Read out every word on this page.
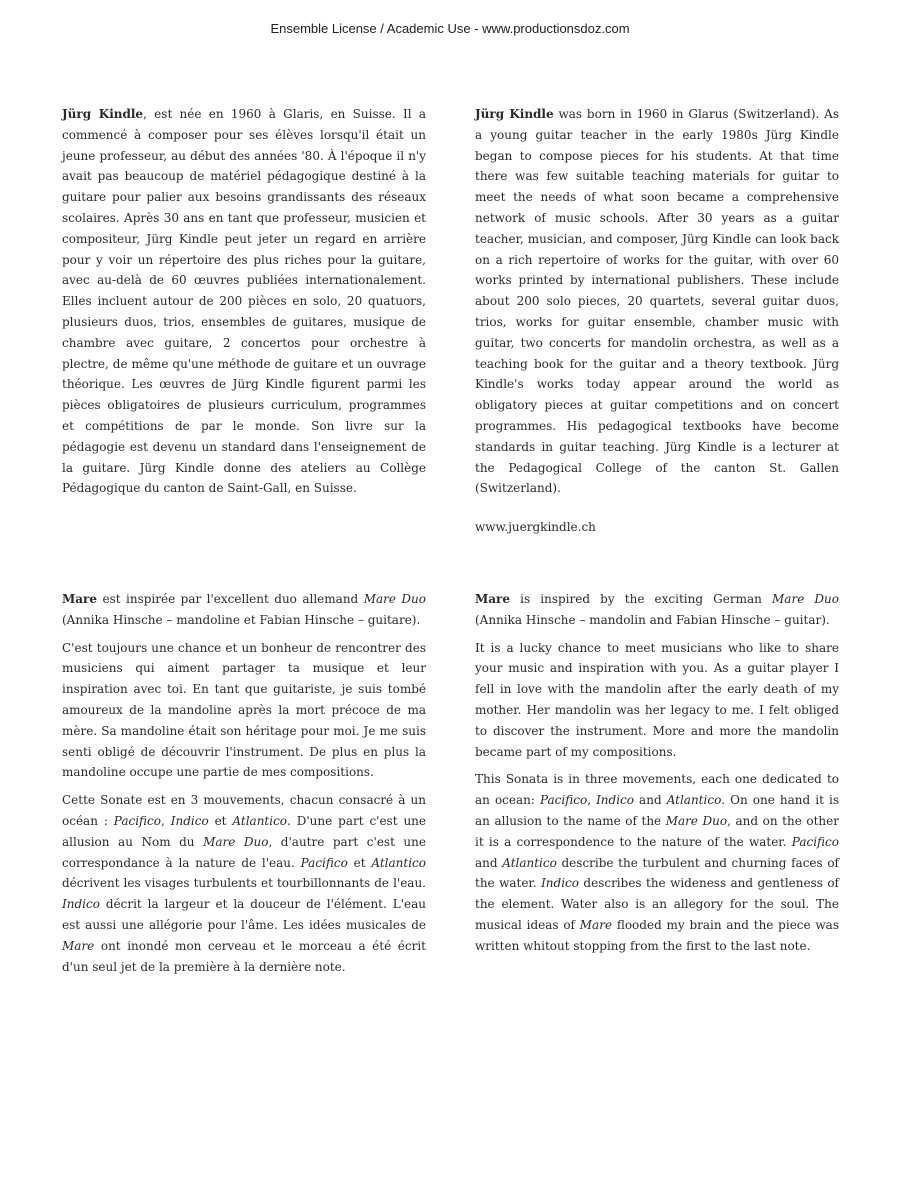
Ensemble License / Academic Use - www.productionsdoz.com

Jürg Kindle, est née en 1960 à Glaris, en Suisse. Il a commencé à composer pour ses élèves lorsqu'il était un jeune professeur, au début des années '80. À l'époque il n'y avait pas beaucoup de matériel pédagogique destiné à la guitare pour palier aux besoins grandissants des réseaux scolaires. Après 30 ans en tant que professeur, musicien et compositeur, Jürg Kindle peut jeter un regard en arrière pour y voir un répertoire des plus riches pour la guitare, avec au-delà de 60 œuvres publiées internationalement. Elles incluent autour de 200 pièces en solo, 20 quatuors, plusieurs duos, trios, ensembles de guitares, musique de chambre avec guitare, 2 concertos pour orchestre à plectre, de même qu'une méthode de guitare et un ouvrage théorique. Les œuvres de Jürg Kindle figurent parmi les pièces obligatoires de plusieurs curriculum, programmes et compétitions de par le monde. Son livre sur la pédagogie est devenu un standard dans l'enseignement de la guitare. Jürg Kindle donne des ateliers au Collège Pédagogique du canton de Saint-Gall, en Suisse.

Jürg Kindle was born in 1960 in Glarus (Switzerland). As a young guitar teacher in the early 1980s Jürg Kindle began to compose pieces for his students. At that time there was few suitable teaching materials for guitar to meet the needs of what soon became a comprehensive network of music schools. After 30 years as a guitar teacher, musician, and composer, Jürg Kindle can look back on a rich repertoire of works for the guitar, with over 60 works printed by international publishers. These include about 200 solo pieces, 20 quartets, several guitar duos, trios, works for guitar ensemble, chamber music with guitar, two concerts for mandolin orchestra, as well as a teaching book for the guitar and a theory textbook. Jürg Kindle's works today appear around the world as obligatory pieces at guitar competitions and on concert programmes. His pedagogical textbooks have become standards in guitar teaching. Jürg Kindle is a lecturer at the Pedagogical College of the canton St. Gallen (Switzerland).

www.juergkindle.ch

Mare est inspirée par l'excellent duo allemand Mare Duo (Annika Hinsche – mandoline et Fabian Hinsche – guitare).

C'est toujours une chance et un bonheur de rencontrer des musiciens qui aiment partager ta musique et leur inspiration avec toi. En tant que guitariste, je suis tombé amoureux de la mandoline après la mort précoce de ma mère. Sa mandoline était son héritage pour moi. Je me suis senti obligé de découvrir l'instrument. De plus en plus la mandoline occupe une partie de mes compositions.

Cette Sonate est en 3 mouvements, chacun consacré à un océan : Pacifico, Indico et Atlantico. D'une part c'est une allusion au Nom du Mare Duo, d'autre part c'est une correspondance à la nature de l'eau. Pacifico et Atlantico décrivent les visages turbulents et tourbillonnants de l'eau. Indico décrit la largeur et la douceur de l'élément. L'eau est aussi une allégorie pour l'âme. Les idées musicales de Mare ont inondé mon cerveau et le morceau a été écrit d'un seul jet de la première à la dernière note.

Mare is inspired by the exciting German Mare Duo (Annika Hinsche – mandolin and Fabian Hinsche – guitar).

It is a lucky chance to meet musicians who like to share your music and inspiration with you. As a guitar player I fell in love with the mandolin after the early death of my mother. Her mandolin was her legacy to me. I felt obliged to discover the instrument. More and more the mandolin became part of my compositions.

This Sonata is in three movements, each one dedicated to an ocean: Pacifico, Indico and Atlantico. On one hand it is an allusion to the name of the Mare Duo, and on the other it is a correspondence to the nature of the water. Pacifico and Atlantico describe the turbulent and churning faces of the water. Indico describes the wideness and gentleness of the element. Water also is an allegory for the soul. The musical ideas of Mare flooded my brain and the piece was written whitout stopping from the first to the last note.
